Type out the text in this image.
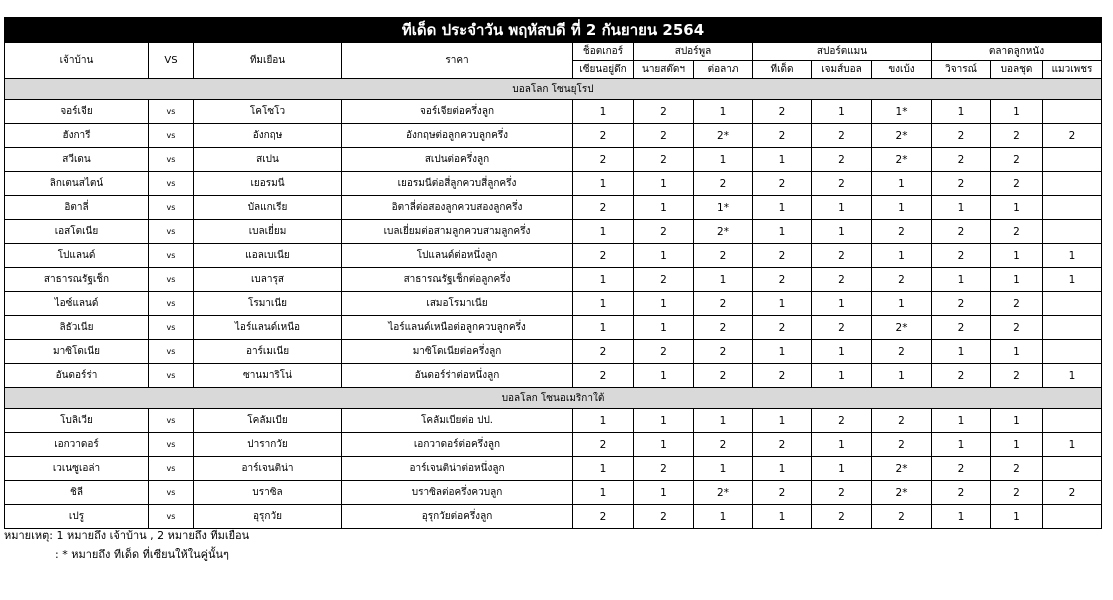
ทีเด็ด ประจำวัน พฤหัสบดี ที่ 2 กันยายน 2564												
เจ้าบ้าน	VS	ทีมเยือน	ราคา	ช็อตเกอร์	สปอร์พูล		สปอร์ตแมน			ตลาดลูกหนัง		
				เซียนอยู่ดึก	นายสต๊ดฯ	ต่อลาภ	ทีเด็ด	เจมส์บอล	ขงเบ้ง	วิจารณ์	บอลชุด	แมวเพชร
บอลโลก โซนยุโรป												
จอร์เจีย	vs	โคโซโว	จอร์เจียต่อครึ่งลูก	1	2	1	2	1	1*	1	1	
ฮังการี	vs	อังกฤษ	อังกฤษต่อลูกควบลูกครึ่ง	2	2	2*	2	2	2*	2	2	2
สวีเดน	vs	สเปน	สเปนต่อครึ่งลูก	2	2	1	1	2	2*	2	2	
ลิกเตนสไตน์	vs	เยอรมนี	เยอรมนีต่อสี่ลูกควบสี่ลูกครึ่ง	1	1	2	2	2	1	2	2	
อิตาลี่	vs	บัลแกเรีย	อิตาลี่ต่อสองลูกควบสองลูกครึ่ง	2	1	1*	1	1	1	1	1	
เอสโตเนีย	vs	เบลเยี่ยม	เบลเยี่ยมต่อสามลูกควบสามลูกครึ่ง	1	2	2*	1	1	2	2	2	
โปแลนด์	vs	แอลเบเนีย	โปแลนด์ต่อหนึ่งลูก	2	1	2	2	2	1	2	1	1
สาธารณรัฐเช็ก	vs	เบลารุส	สาธารณรัฐเช็กต่อลูกครึ่ง	1	2	1	2	2	2	1	1	1
ไอซ์แลนด์	vs	โรมาเนีย	เสมอโรมาเนีย	1	1	2	1	1	1	2	2	
ลิธัวเนีย	vs	ไอร์แลนด์เหนือ	ไอร์แลนด์เหนือต่อลูกควบลูกครึ่ง	1	1	2	2	2	2*	2	2	
มาซิโดเนีย	vs	อาร์เมเนีย	มาซิโดเนียต่อครึ่งลูก	2	2	2	1	1	2	1	1	
อันดอร์ร่า	vs	ซานมาริโน่	อันดอร์ร่าต่อหนึ่งลูก	2	1	2	2	1	1	2	2	1
บอลโลก โซนอเมริกาใต้												
โบลิเวีย	vs	โคลัมเบีย	โคลัมเบียต่อ ปป.	1	1	1	1	2	2	1	1	
เอกวาดอร์	vs	ปารากวัย	เอกวาดอร์ต่อครึ่งลูก	2	1	2	2	1	2	1	1	1
เวเนซูเอล่า	vs	อาร์เจนติน่า	อาร์เจนติน่าต่อหนึ่งลูก	1	2	1	1	1	2*	2	2	
ชิลี	vs	บราซิล	บราซิลต่อครึ่งควบลูก	1	1	2*	2	2	2*	2	2	2
เปรู	vs	อุรุกวัย	อุรุกวัยต่อครึ่งลูก	2	2	1	1	2	2	1	1	
หมายเหตุ: 1 หมายถึง เจ้าบ้าน , 2 หมายถึง ทีมเยือน
: * หมายถึง ทีเด็ด ที่เซียนให้ในคู่นั้นๆ
